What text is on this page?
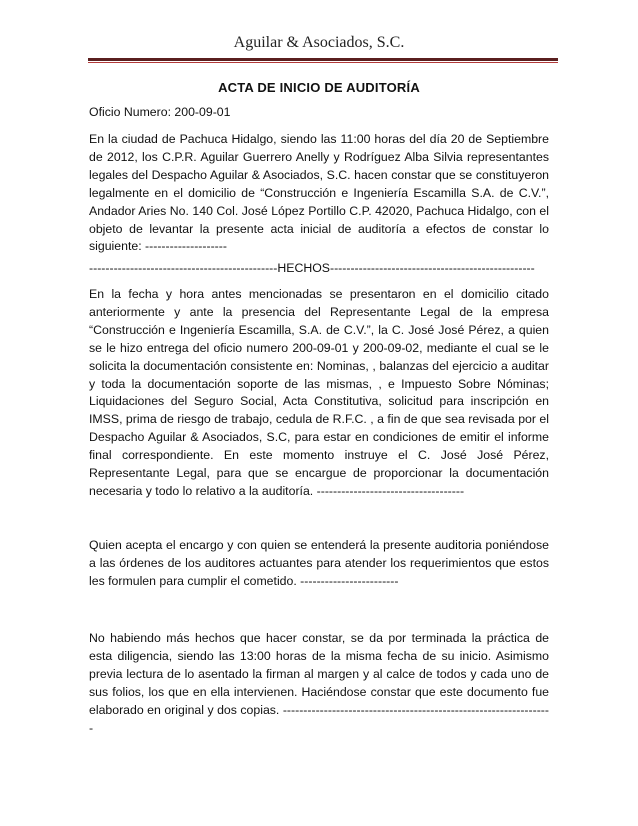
Aguilar & Asociados, S.C.
ACTA DE INICIO DE AUDITORÍA
Oficio Numero: 200-09-01

En la ciudad de Pachuca Hidalgo, siendo las 11:00 horas del día 20 de Septiembre de 2012, los C.P.R. Aguilar Guerrero Anelly y Rodríguez Alba Silvia representantes legales del Despacho Aguilar & Asociados, S.C. hacen constar que se constituyeron legalmente en el domicilio de “Construcción e Ingeniería Escamilla S.A. de C.V.”, Andador Aries No. 140 Col. José López Portillo C.P. 42020, Pachuca Hidalgo, con el objeto de levantar la presente acta inicial de auditoría a efectos de constar lo siguiente: --------------------

----------------------------------------------HECHOS--------------------------------------------------

En la fecha y hora antes mencionadas se presentaron en el domicilio citado anteriormente y ante la presencia del Representante Legal de la empresa “Construcción e Ingeniería Escamilla, S.A. de C.V.”, la C. José José Pérez, a quien se le hizo entrega del oficio numero 200-09-01 y 200-09-02, mediante el cual se le solicita la documentación consistente en: Nominas, , balanzas del ejercicio a auditar y toda la documentación soporte de las mismas, , e Impuesto Sobre Nóminas; Liquidaciones del Seguro Social, Acta Constitutiva, solicitud para inscripción en IMSS, prima de riesgo de trabajo, cedula de R.F.C. , a fin de que sea revisada por el Despacho Aguilar & Asociados, S.C, para estar en condiciones de emitir el informe final correspondiente. En este momento instruye el C. José José Pérez, Representante Legal, para que se encargue de proporcionar la documentación necesaria y todo lo relativo a la auditoría. ------------------------------------

Quien acepta el encargo y con quien se entenderá la presente auditoria poniéndose a las órdenes de los auditores actuantes para atender los requerimientos que estos les formulen para cumplir el cometido. ------------------------

No habiendo más hechos que hacer constar, se da por terminada la práctica de esta diligencia, siendo las 13:00 horas de la misma fecha de su inicio. Asimismo previa lectura de lo asentado la firman al margen y al calce de todos y cada uno de sus folios, los que en ella intervienen. Haciéndose constar que este documento fue elaborado en original y dos copias. ------------------------------------------------------------------
